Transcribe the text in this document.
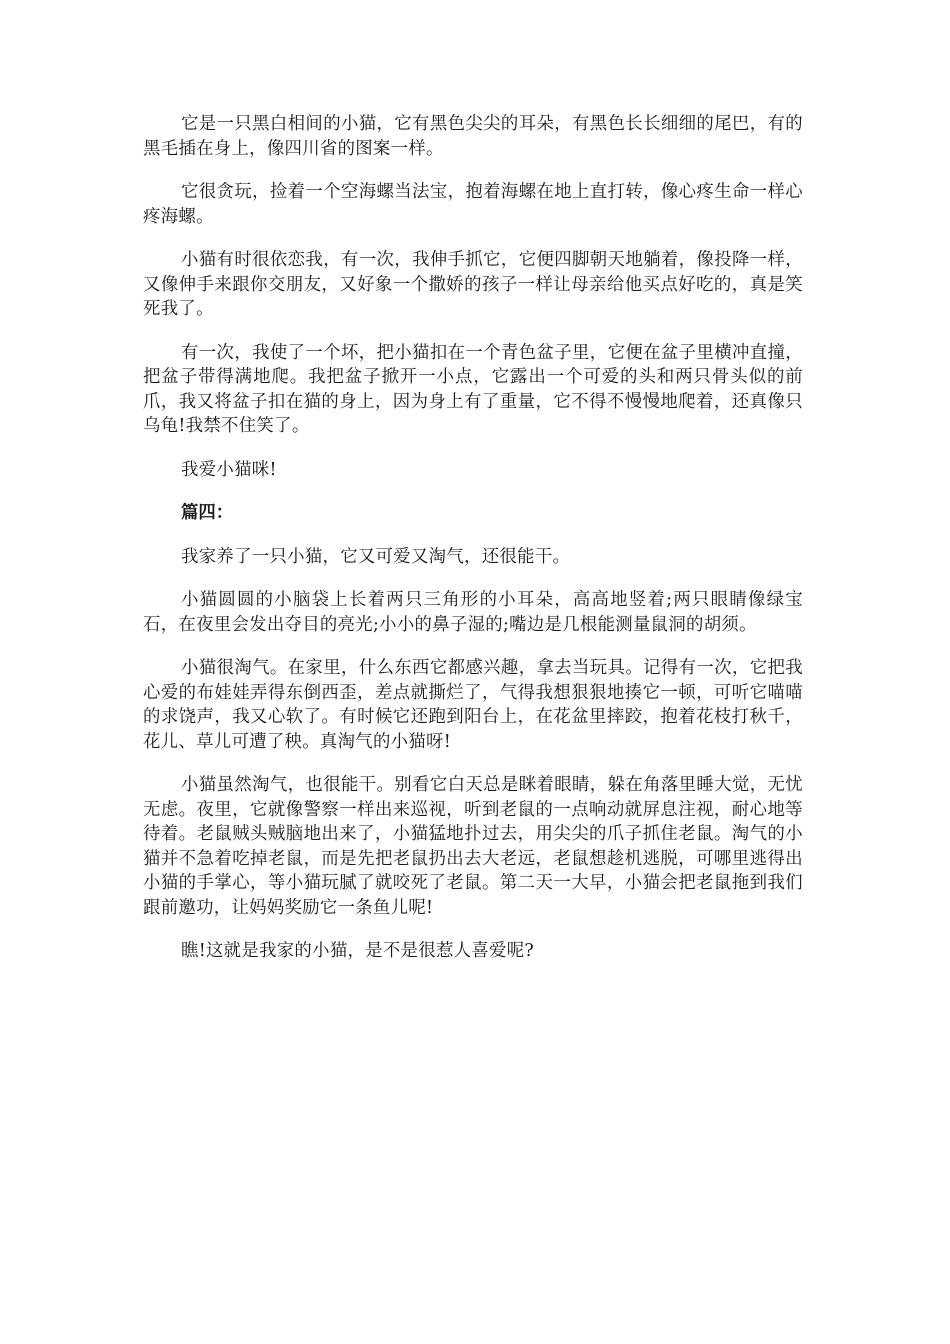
它是一只黑白相间的小猫，它有黑色尖尖的耳朵，有黑色长长细细的尾巴，有的黑毛插在身上，像四川省的图案一样。

它很贪玩，捡着一个空海螺当法宝，抱着海螺在地上直打转，像心疼生命一样心疼海螺。

小猫有时很依恋我，有一次，我伸手抓它，它便四脚朝天地躺着，像投降一样，又像伸手来跟你交朋友，又好象一个撒娇的孩子一样让母亲给他买点好吃的，真是笑死我了。

有一次，我使了一个坏，把小猫扣在一个青色盆子里，它便在盆子里横冲直撞，把盆子带得满地爬。我把盆子掀开一小点，它露出一个可爱的头和两只骨头似的前爪，我又将盆子扣在猫的身上，因为身上有了重量，它不得不慢慢地爬着，还真像只乌龟!我禁不住笑了。

我爱小猫咪!

篇四：

我家养了一只小猫，它又可爱又淘气，还很能干。

小猫圆圆的小脑袋上长着两只三角形的小耳朵，高高地竖着;两只眼睛像绿宝石，在夜里会发出夺目的亮光;小小的鼻子湿的;嘴边是几根能测量鼠洞的胡须。

小猫很淘气。在家里，什么东西它都感兴趣，拿去当玩具。记得有一次，它把我心爱的布娃娃弄得东倒西歪，差点就撕烂了，气得我想狠狠地揍它一顿，可听它喵喵的求饶声，我又心软了。有时候它还跑到阳台上，在花盆里摔跤，抱着花枝打秋千，花儿、草儿可遭了秧。真淘气的小猫呀!

小猫虽然淘气，也很能干。别看它白天总是眯着眼睛，躲在角落里睡大觉，无忧无虑。夜里，它就像警察一样出来巡视，听到老鼠的一点响动就屏息注视，耐心地等待着。老鼠贼头贼脑地出来了，小猫猛地扑过去，用尖尖的爪子抓住老鼠。淘气的小猫并不急着吃掉老鼠，而是先把老鼠扔出去大老远，老鼠想趁机逃脱，可哪里逃得出小猫的手掌心，等小猫玩腻了就咬死了老鼠。第二天一大早，小猫会把老鼠拖到我们跟前邀功，让妈妈奖励它一条鱼儿呢!

瞧!这就是我家的小猫，是不是很惹人喜爱呢?
